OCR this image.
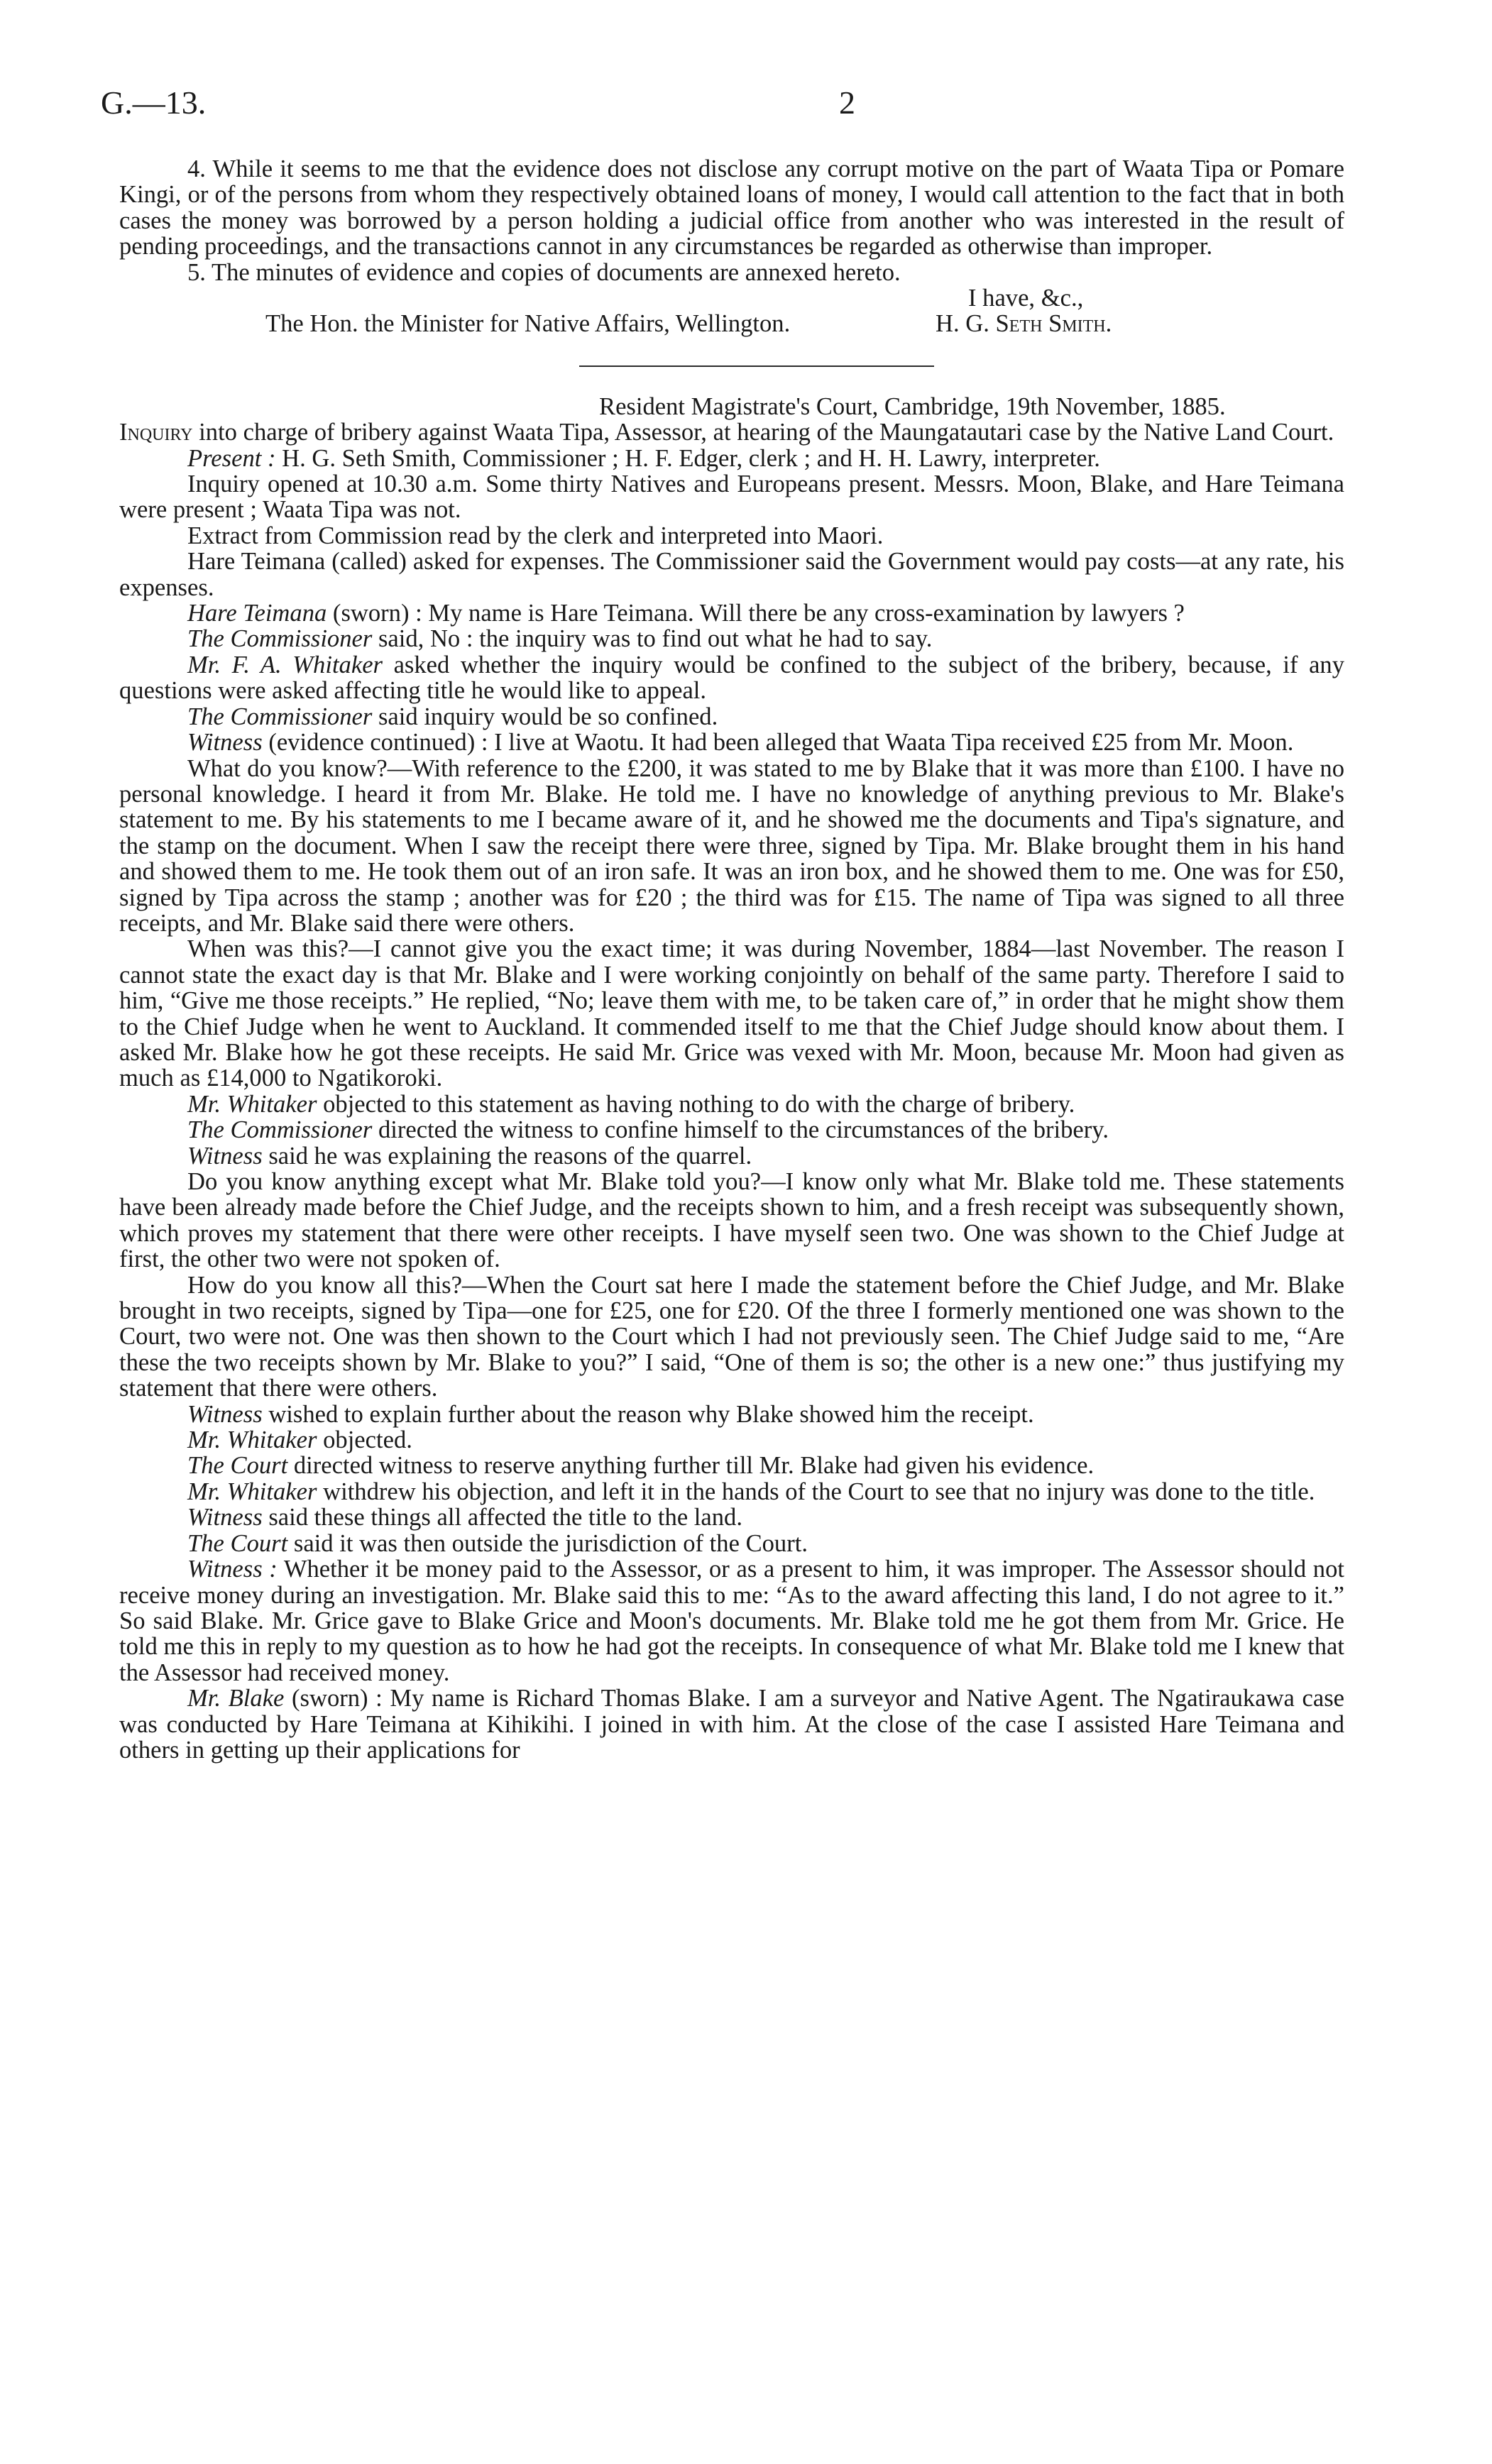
G.—13.	2

4. While it seems to me that the evidence does not disclose any corrupt motive on the part of Waata Tipa or Pomare Kingi, or of the persons from whom they respectively obtained loans of money, I would call attention to the fact that in both cases the money was borrowed by a person holding a judicial office from another who was interested in the result of pending proceedings, and the transactions cannot in any circumstances be regarded as otherwise than improper.

5. The minutes of evidence and copies of documents are annexed hereto.

I have, &c.,

The Hon. the Minister for Native Affairs, Wellington.	H. G. Seth Smith.

Resident Magistrate's Court, Cambridge, 19th November, 1885.

Inquiry into charge of bribery against Waata Tipa, Assessor, at hearing of the Maungatautari case by the Native Land Court.

Present : H. G. Seth Smith, Commissioner ; H. F. Edger, clerk ; and H. H. Lawry, interpreter.

Inquiry opened at 10.30 a.m. Some thirty Natives and Europeans present. Messrs. Moon, Blake, and Hare Teimana were present ; Waata Tipa was not.

Extract from Commission read by the clerk and interpreted into Maori.

Hare Teimana (called) asked for expenses. The Commissioner said the Government would pay costs—at any rate, his expenses.

Hare Teimana (sworn) : My name is Hare Teimana. Will there be any cross-examination by lawyers ?

The Commissioner said, No : the inquiry was to find out what he had to say.

Mr. F. A. Whitaker asked whether the inquiry would be confined to the subject of the bribery, because, if any questions were asked affecting title he would like to appeal.

The Commissioner said inquiry would be so confined.

Witness (evidence continued) : I live at Waotu. It had been alleged that Waata Tipa received £25 from Mr. Moon.

What do you know?—With reference to the £200, it was stated to me by Blake that it was more than £100. I have no personal knowledge. I heard it from Mr. Blake. He told me. I have no knowledge of anything previous to Mr. Blake's statement to me. By his statements to me I became aware of it, and he showed me the documents and Tipa's signature, and the stamp on the document. When I saw the receipt there were three, signed by Tipa. Mr. Blake brought them in his hand and showed them to me. He took them out of an iron safe. It was an iron box, and he showed them to me. One was for £50, signed by Tipa across the stamp ; another was for £20 ; the third was for £15. The name of Tipa was signed to all three receipts, and Mr. Blake said there were others.

When was this?—I cannot give you the exact time; it was during November, 1884—last November. The reason I cannot state the exact day is that Mr. Blake and I were working conjointly on behalf of the same party. Therefore I said to him, “Give me those receipts.” He replied, “No; leave them with me, to be taken care of,” in order that he might show them to the Chief Judge when he went to Auckland. It commended itself to me that the Chief Judge should know about them. I asked Mr. Blake how he got these receipts. He said Mr. Grice was vexed with Mr. Moon, because Mr. Moon had given as much as £14,000 to Ngatikoroki.

Mr. Whitaker objected to this statement as having nothing to do with the charge of bribery.

The Commissioner directed the witness to confine himself to the circumstances of the bribery.

Witness said he was explaining the reasons of the quarrel.

Do you know anything except what Mr. Blake told you?—I know only what Mr. Blake told me. These statements have been already made before the Chief Judge, and the receipts shown to him, and a fresh receipt was subsequently shown, which proves my statement that there were other receipts. I have myself seen two. One was shown to the Chief Judge at first, the other two were not spoken of.

How do you know all this?—When the Court sat here I made the statement before the Chief Judge, and Mr. Blake brought in two receipts, signed by Tipa—one for £25, one for £20. Of the three I formerly mentioned one was shown to the Court, two were not. One was then shown to the Court which I had not previously seen. The Chief Judge said to me, “Are these the two receipts shown by Mr. Blake to you?” I said, “One of them is so; the other is a new one:” thus justifying my statement that there were others.

Witness wished to explain further about the reason why Blake showed him the receipt.

Mr. Whitaker objected.

The Court directed witness to reserve anything further till Mr. Blake had given his evidence.

Mr. Whitaker withdrew his objection, and left it in the hands of the Court to see that no injury was done to the title.

Witness said these things all affected the title to the land.

The Court said it was then outside the jurisdiction of the Court.

Witness : Whether it be money paid to the Assessor, or as a present to him, it was improper. The Assessor should not receive money during an investigation. Mr. Blake said this to me: “As to the award affecting this land, I do not agree to it.” So said Blake. Mr. Grice gave to Blake Grice and Moon's documents. Mr. Blake told me he got them from Mr. Grice. He told me this in reply to my question as to how he had got the receipts. In consequence of what Mr. Blake told me I knew that the Assessor had received money.

Mr. Blake (sworn) : My name is Richard Thomas Blake. I am a surveyor and Native Agent. The Ngatiraukawa case was conducted by Hare Teimana at Kihikihi. I joined in with him. At the close of the case I assisted Hare Teimana and others in getting up their applications for
